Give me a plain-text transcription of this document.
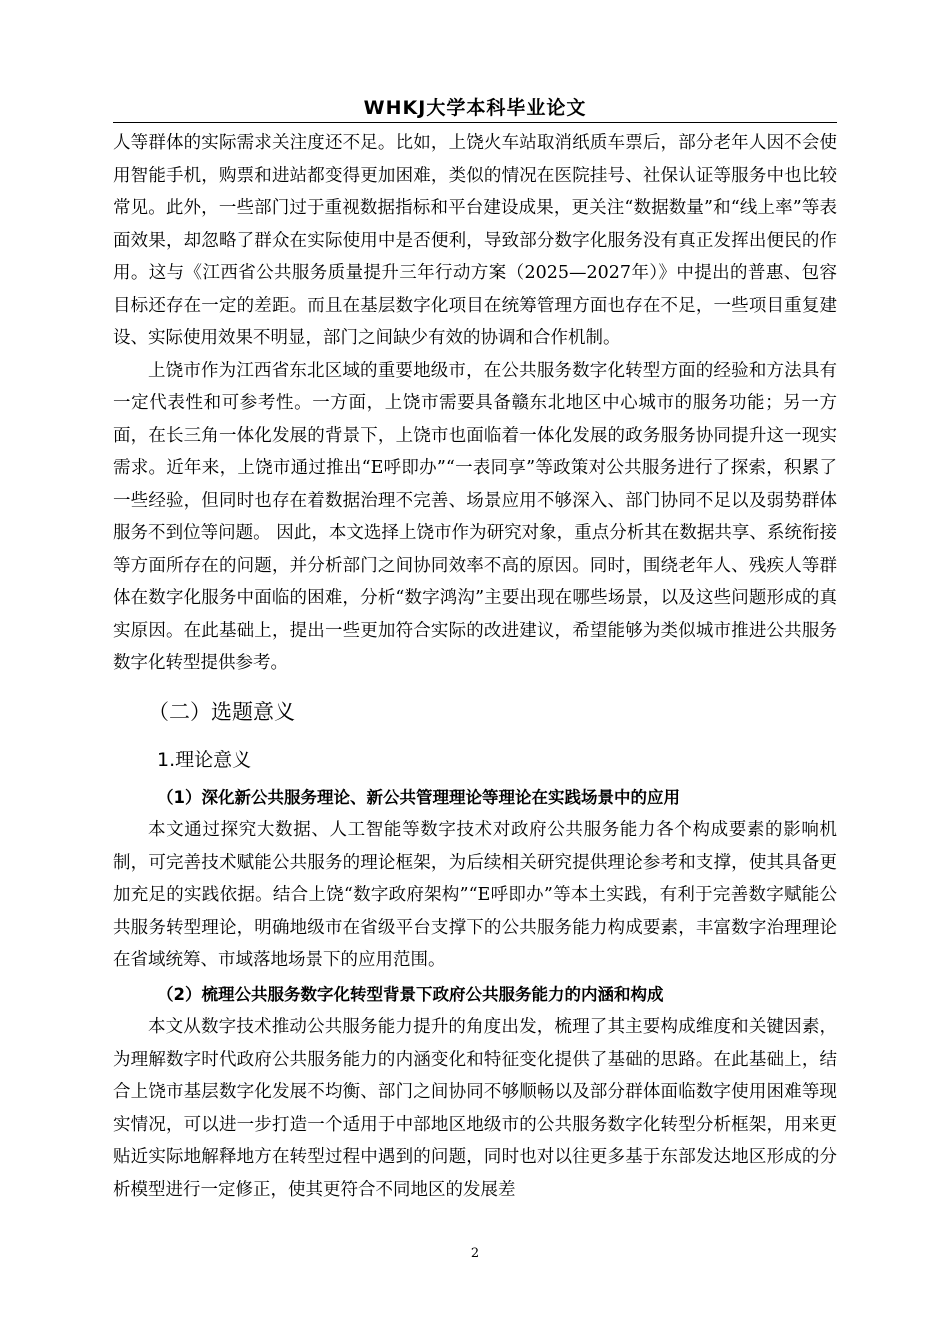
WHKJ大学本科毕业论文

人等群体的实际需求关注度还不足。比如，上饶火车站取消纸质车票后，部分老年人因不会使用智能手机，购票和进站都变得更加困难，类似的情况在医院挂号、社保认证等服务中也比较常见。此外，一些部门过于重视数据指标和平台建设成果，更关注“数据数量”和“线上率”等表面效果，却忽略了群众在实际使用中是否便利，导致部分数字化服务没有真正发挥出便民的作用。这与《江西省公共服务质量提升三年行动方案（2025—2027年）》中提出的普惠、包容目标还存在一定的差距。而且在基层数字化项目在统筹管理方面也存在不足，一些项目重复建设、实际使用效果不明显，部门之间缺少有效的协调和合作机制。

上饶市作为江西省东北区域的重要地级市，在公共服务数字化转型方面的经验和方法具有一定代表性和可参考性。一方面，上饶市需要具备赣东北地区中心城市的服务功能；另一方面，在长三角一体化发展的背景下，上饶市也面临着一体化发展的政务服务协同提升这一现实需求。近年来，上饶市通过推出“E呼即办”“一表同享”等政策对公共服务进行了探索，积累了一些经验，但同时也存在着数据治理不完善、场景应用不够深入、部门协同不足以及弱势群体服务不到位等问题。 因此，本文选择上饶市作为研究对象，重点分析其在数据共享、系统衔接等方面所存在的问题，并分析部门之间协同效率不高的原因。同时，围绕老年人、残疾人等群体在数字化服务中面临的困难，分析“数字鸿沟”主要出现在哪些场景，以及这些问题形成的真实原因。在此基础上，提出一些更加符合实际的改进建议，希望能够为类似城市推进公共服务数字化转型提供参考。

（二）选题意义
1.理论意义
（1）深化新公共服务理论、新公共管理理论等理论在实践场景中的应用

本文通过探究大数据、人工智能等数字技术对政府公共服务能力各个构成要素的影响机制，可完善技术赋能公共服务的理论框架，为后续相关研究提供理论参考和支撑，使其具备更加充足的实践依据。结合上饶“数字政府架构”“E呼即办”等本土实践，有利于完善数字赋能公共服务转型理论，明确地级市在省级平台支撑下的公共服务能力构成要素，丰富数字治理理论在省域统筹、市域落地场景下的应用范围。

（2）梳理公共服务数字化转型背景下政府公共服务能力的内涵和构成

本文从数字技术推动公共服务能力提升的角度出发，梳理了其主要构成维度和关键因素，为理解数字时代政府公共服务能力的内涵变化和特征变化提供了基础的思路。在此基础上，结合上饶市基层数字化发展不均衡、部门之间协同不够顺畅以及部分群体面临数字使用困难等现实情况，可以进一步打造一个适用于中部地区地级市的公共服务数字化转型分析框架，用来更贴近实际地解释地方在转型过程中遇到的问题，同时也对以往更多基于东部发达地区形成的分析模型进行一定修正，使其更符合不同地区的发展差

2
